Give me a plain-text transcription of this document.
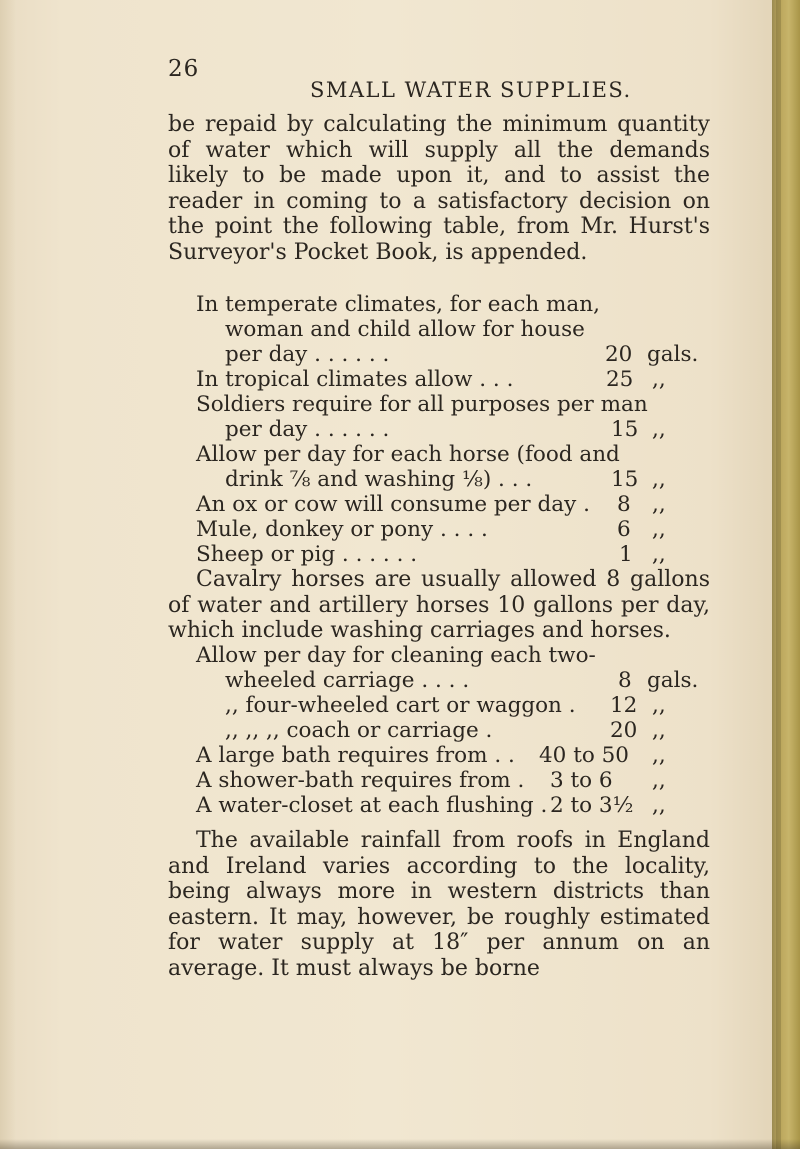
26
SMALL WATER SUPPLIES.
be repaid by calculating the minimum quantity of water which will supply all the demands likely to be made upon it, and to assist the reader in coming to a satisfactory decision on the point the following table, from Mr. Hurst's Surveyor's Pocket Book, is appended.
In temperate climates, for each man,
woman and child allow for house
per day . . . . . .	20 gals.
In tropical climates allow . . .	25 ,,
Soldiers require for all purposes per man
per day . . . . . .	15 ,,
Allow per day for each horse (food and
drink ⅞ and washing ⅛) . . .	15 ,,
An ox or cow will consume per day . 8 ,,
Mule, donkey or pony . . . .	6 ,,
Sheep or pig . . . . . .	1 ,,
Cavalry horses are usually allowed 8 gallons of water and artillery horses 10 gallons per day, which include washing carriages and horses.
Allow per day for cleaning each two-
wheeled carriage . . . .	8 gals.
,, four-wheeled cart or waggon . 12 ,,
,, ,, ,, coach or carriage .	20 ,,
A large bath requires from . . 40 to 50 ,,
A shower-bath requires from . 3 to 6 ,,
A water-closet at each flushing . 2 to 3½ ,,
The available rainfall from roofs in England and Ireland varies according to the locality, being always more in western districts than eastern. It may, however, be roughly estimated for water supply at 18″ per annum on an average. It must always be borne
